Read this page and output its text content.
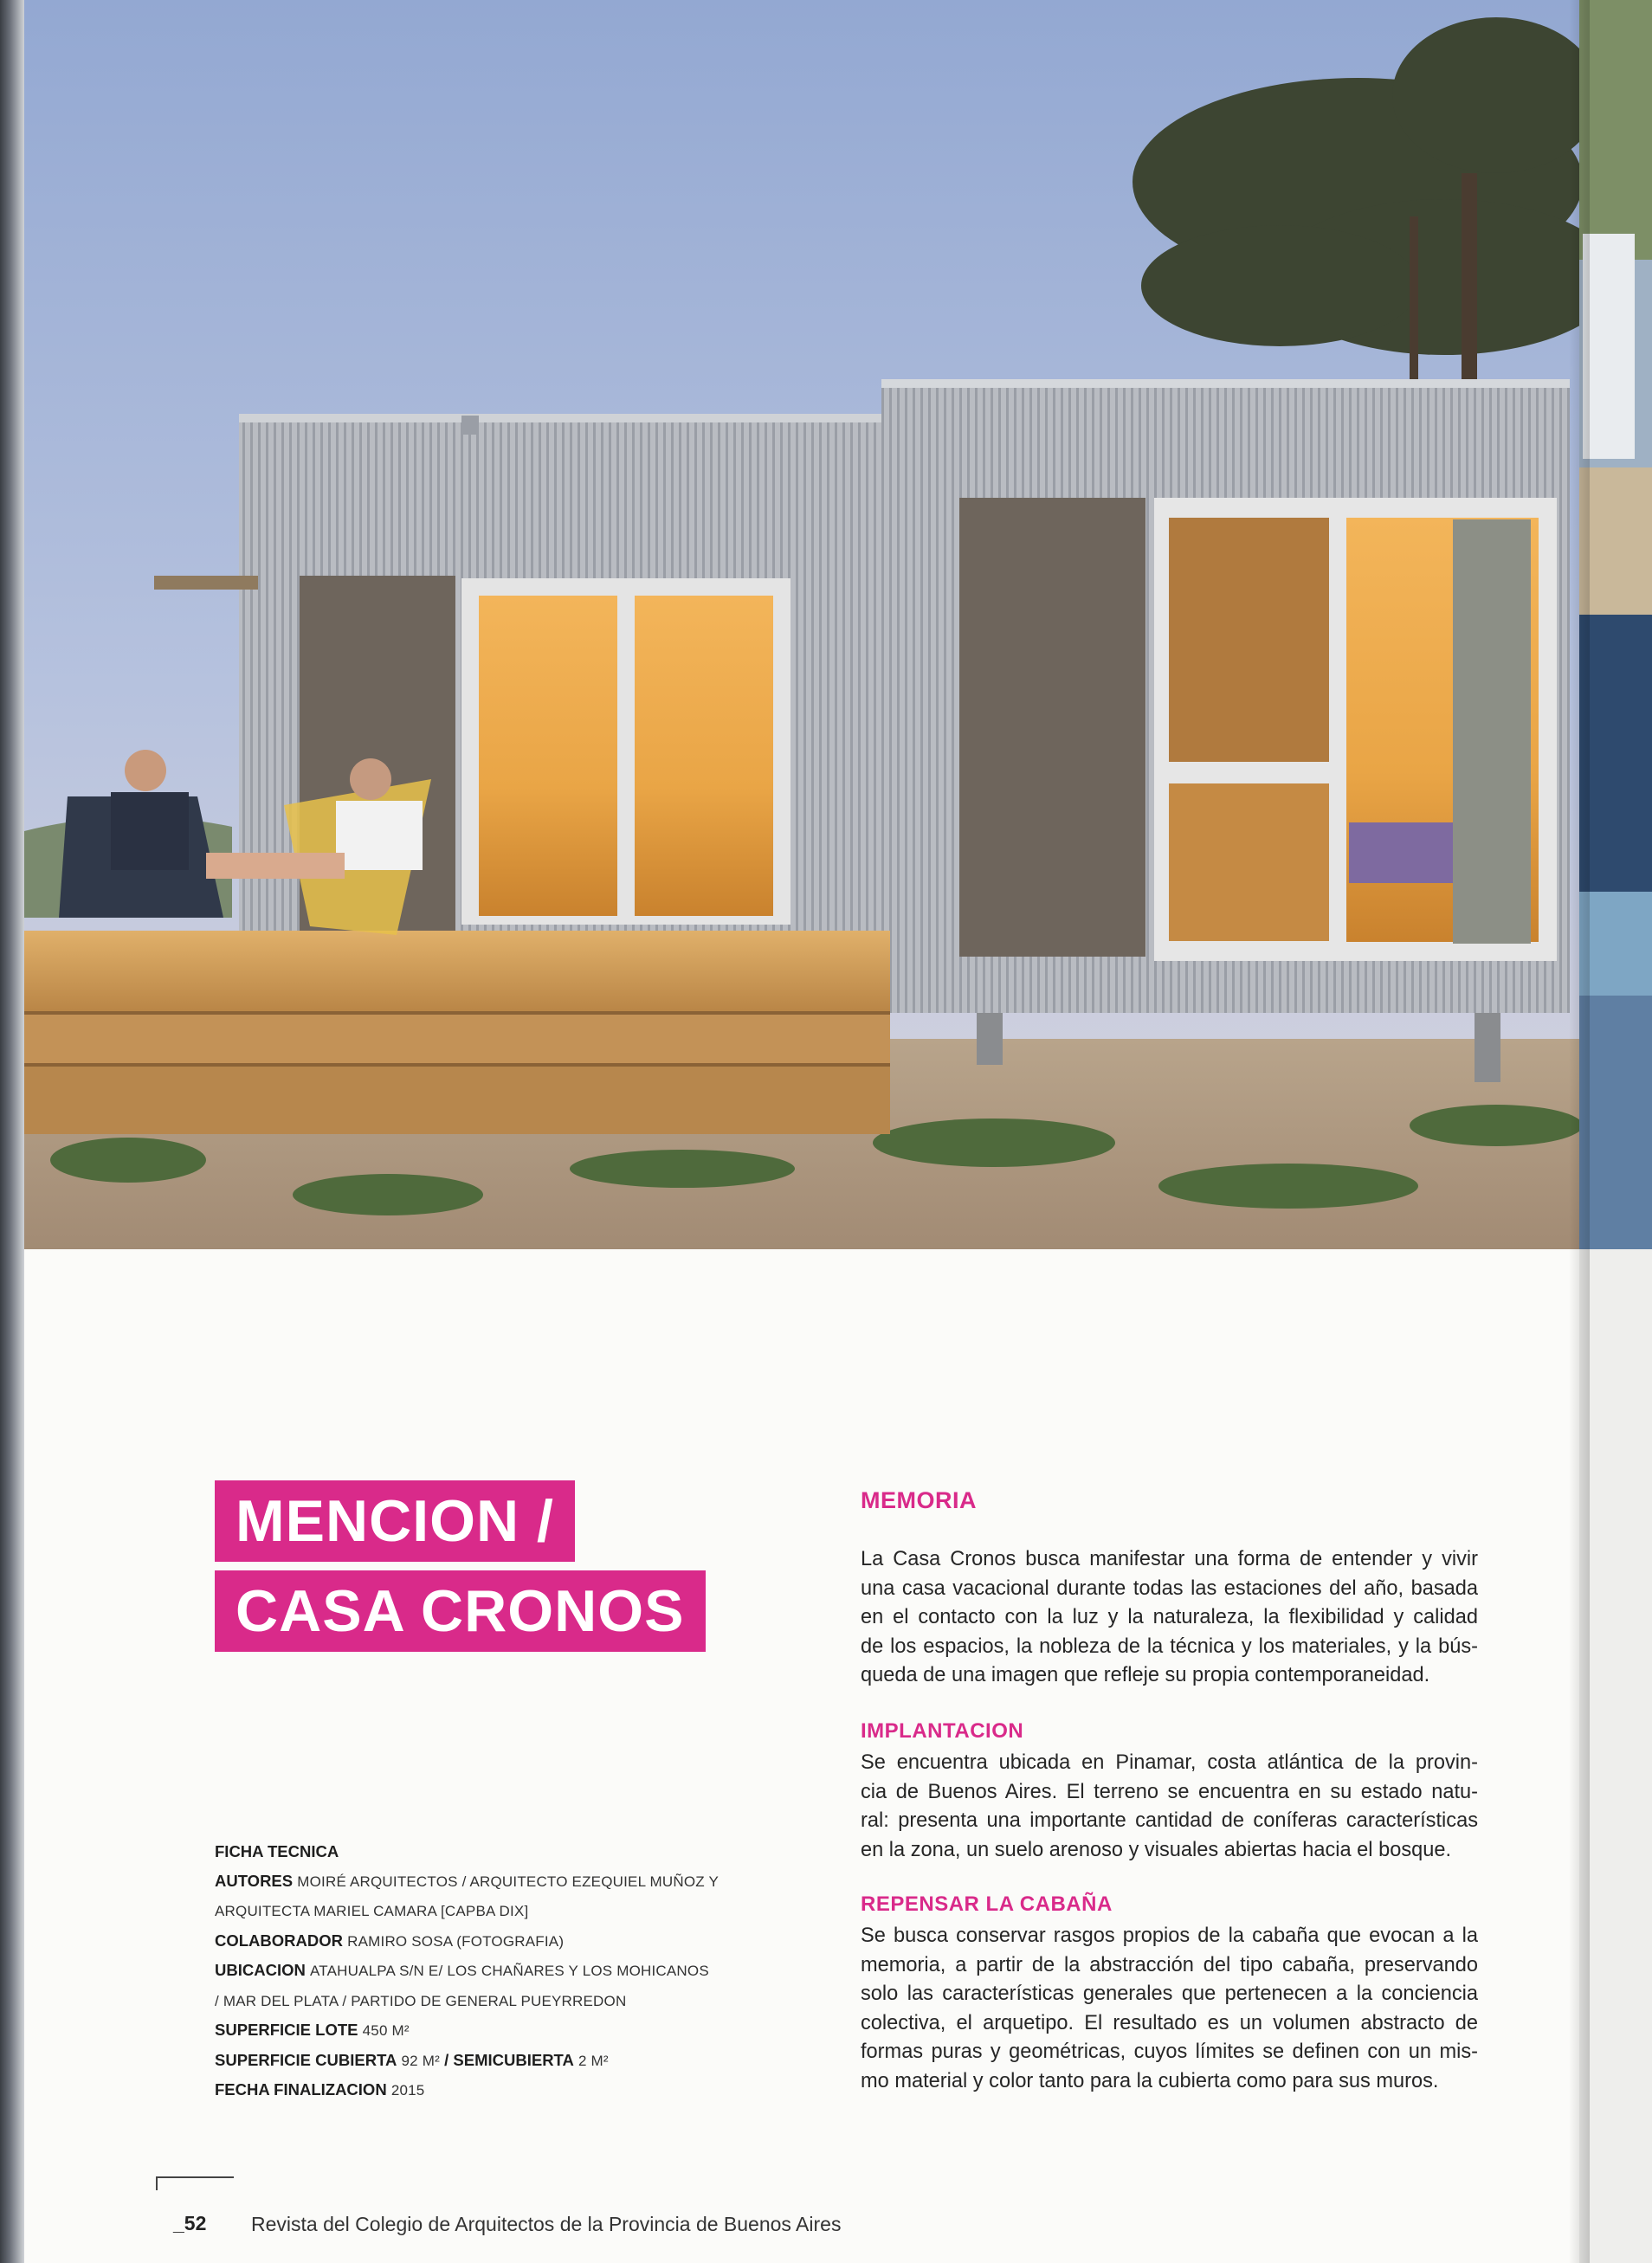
MENCION /
CASA CRONOS
FICHA TECNICA
AUTORES MOIRÉ ARQUITECTOS / ARQUITECTO EZEQUIEL MUÑOZ Y
ARQUITECTA MARIEL CAMARA [CAPBA DIX]
COLABORADOR RAMIRO SOSA (FOTOGRAFIA)
UBICACION ATAHUALPA S/N E/ LOS CHAÑARES Y LOS MOHICANOS
/ MAR DEL PLATA / PARTIDO DE GENERAL PUEYRREDON
SUPERFICIE LOTE 450 M²
SUPERFICIE CUBIERTA 92 M² / SEMICUBIERTA 2 M²
FECHA FINALIZACION 2015
MEMORIA
La Casa Cronos busca manifestar una forma de entender y vivir
una casa vacacional durante todas las estaciones del año, basada
en el contacto con la luz y la naturaleza, la flexibilidad y calidad
de los espacios, la nobleza de la técnica y los materiales, y la bús-
queda de una imagen que refleje su propia contemporaneidad.
IMPLANTACION
Se encuentra ubicada en Pinamar, costa atlántica de la provin-
cia de Buenos Aires. El terreno se encuentra en su estado natu-
ral: presenta una importante cantidad de coníferas características
en la zona, un suelo arenoso y visuales abiertas hacia el bosque.
REPENSAR LA CABAÑA
Se busca conservar rasgos propios de la cabaña que evocan a la
memoria, a partir de la abstracción del tipo cabaña, preservando
solo las características generales que pertenecen a la conciencia
colectiva, el arquetipo. El resultado es un volumen abstracto de
formas puras y geométricas, cuyos límites se definen con un mis-
mo material y color tanto para la cubierta como para sus muros.
_52 Revista del Colegio de Arquitectos de la Provincia de Buenos Aires
